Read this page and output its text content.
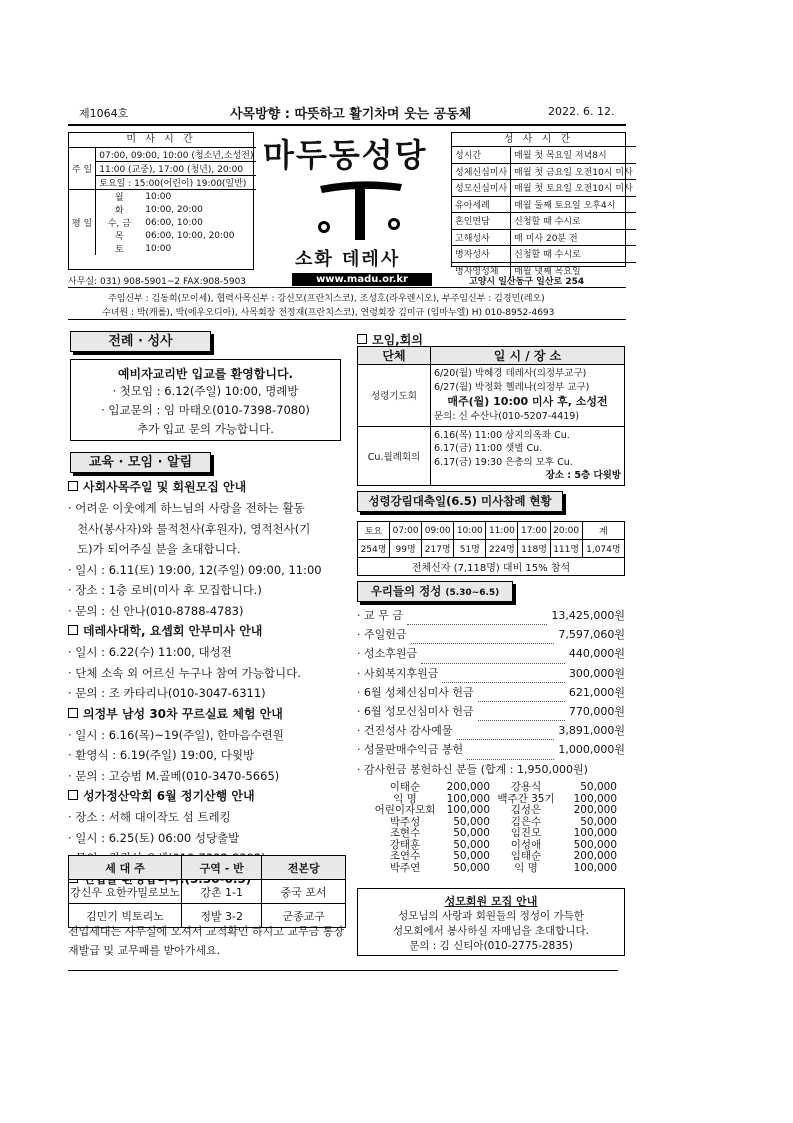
제1064호	사목방향 : 따뜻하고 활기차며 웃는 공동체	2022. 6. 12.
미 사 시 간
주 일	07:00, 09:00, 10:00 (청소년,소성전)	
	11:00 (교중), 17:00 (청년), 20:00	
	토요일 : 15:00(어린이) 19:00(일반)	
평 일	월	10:00
	화	10:00, 20:00
	수, 금	06:00, 10:00
	목	06:00, 10:00, 20:00
	토	10:00
마두동성당
소화 데레사
www.madu.or.kr
성 사 시 간
성시간	매월 첫 목요일 저녁8시
성체신심미사	매월 첫 금요일 오전10시 미사
성모신심미사	매월 첫 토요일 오전10시 미사
유아세례	매월 둘째 토요일 오후4시
혼인면담	신청할 때 수시로
고해성사	매 미사 20분 전
병자성사	신청할 때 수시로
병자영성체	매월 넷째 목요일
사무실: 031) 908-5901~2 FAX:908-5903	고양시 일산동구 일산로 254
주임신부 : 김동희(모이세), 협력사목신부 : 강신모(프란치스코), 조성호(라우렌시오), 부주임신부 : 김경민(레오)
수녀원 : 박(캐롤), 박(에우오디아), 사목회장 전정재(프란치스코), 연령회장 김미규 (임마누엘) H) 010-8952-4693
전례 · 성사
예비자교리반 입교를 환영합니다.
· 첫모임 : 6.12(주일) 10:00, 명례방
· 입교문의 : 임 마태오(010-7398-7080)
추가 입교 문의 가능합니다.
교육 · 모임 · 알림
사회사목주일 및 회원모집 안내
· 어려운 이웃에게 하느님의 사랑을 전하는 활동
천사(봉사자)와 물적천사(후원자), 영적천사(기
도)가 되어주실 분을 초대합니다.
· 일시 : 6.11(토) 19:00, 12(주일) 09:00, 11:00
· 장소 : 1층 로비(미사 후 모집합니다.)
· 문의 : 신 안나(010-8788-4783)
데레사대학, 요셉회 안부미사 안내
· 일시 : 6.22(수) 11:00, 대성전
· 단체 소속 외 어르신 누구나 참여 가능합니다.
· 문의 : 조 카타리나(010-3047-6311)
의정부 남성 30차 꾸르실료 체험 안내
· 일시 : 6.16(목)~19(주일), 한마음수련원
· 환영식 : 6.19(주일) 19:00, 다윗방
· 문의 : 고승범 M.골베(010-3470-5665)
성가정산악회 6월 정기산행 안내
· 장소 : 서해 대이작도 섬 트레킹
· 일시 : 6.25(토) 06:00 성당출발
· 문의 : 김진석 요셉(010-7332-8392)
전입을 환영합니다.(5.30-6.5)
세 대 주	구역 - 반	전본당
강신우 요한카밀로보노	강촌 1-1	중국 포서
김민기 빅토리노	정발 3-2	군종교구
전입세대는 사무실에 오셔서 교적확인 하시고 교무금 통장
재발급 및 교무패를 받아가세요.
모임,회의
단체	일 시 / 장 소
성령기도회	6/20(월) 박혜경 데레사(의정부교구)
6/27(월) 박정화 헬레나(의정부 교구)
매주(월) 10:00 미사 후, 소성전
문의: 신 수산나(010-5207-4419)

Cu.월례회의	6.16(목) 11:00 상지의옥좌 Cu.
6.17(금) 11:00 샛별 Cu.
6.17(금) 19:30 은총의 모후 Cu.
장소 : 5층 다윗방
성령강림대축일(6.5) 미사참례 현황
토요	07:00	09:00	10:00	11:00	17:00	20:00	계
254명	99명	217명	51명	224명	118명	111명	1,074명
전체신자 (7,118명) 대비 15% 참석							
우리들의 정성 (5.30~6.5)
· 교 무 금	13,425,000원
· 주일헌금	7,597,060원
· 성소후원금	440,000원
· 사회복지후원금	300,000원
· 6월 성체신심미사 헌금	621,000원
· 6월 성모신심미사 헌금	770,000원
· 건진성사 감사예물	3,891,000원
· 성물판매수익금 봉헌	1,000,000원
· 감사헌금 봉헌하신 분들 (합계 : 1,950,000원)
이태순	200,000	강용식	50,000
익 명	100,000 백주간 35기	100,000
어린이자모회	100,000	김성은	200,000
박주성	50,000	김은수	50,000
조현수	50,000	임진모	100,000
강태훈	50,000	이성애	500,000
조연수	50,000	임태순	200,000
박주연	50,000	익 명	100,000
성모회원 모집 안내
성모님의 사랑과 회원들의 정성이 가득한
성모회에서 봉사하실 자매님을 초대합니다.
문의 : 김 신티아(010-2775-2835)
